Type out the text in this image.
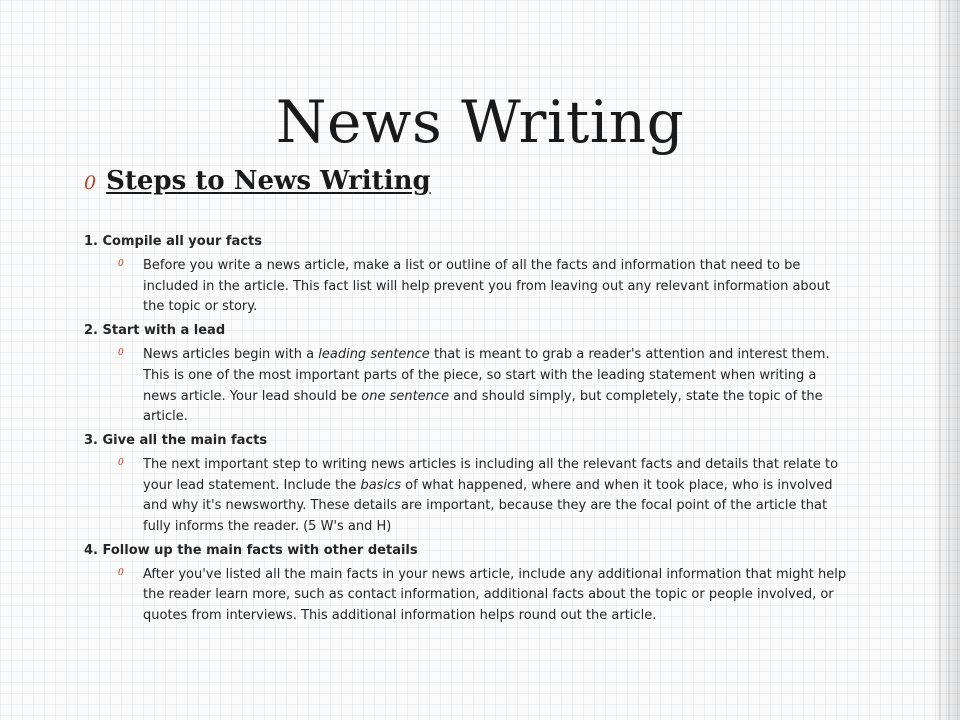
News Writing
0 Steps to News Writing
1. Compile all your facts
0	Before you write a news article, make a list or outline of all the facts and information that need to be included in the article. This fact list will help prevent you from leaving out any relevant information about the topic or story.
2. Start with a lead
0	News articles begin with a leading sentence that is meant to grab a reader's attention and interest them. This is one of the most important parts of the piece, so start with the leading statement when writing a news article. Your lead should be one sentence and should simply, but completely, state the topic of the article.
3. Give all the main facts
0	The next important step to writing news articles is including all the relevant facts and details that relate to your lead statement. Include the basics of what happened, where and when it took place, who is involved and why it's newsworthy. These details are important, because they are the focal point of the article that fully informs the reader. (5 W's and H)
4. Follow up the main facts with other details
0	After you've listed all the main facts in your news article, include any additional information that might help the reader learn more, such as contact information, additional facts about the topic or people involved, or quotes from interviews. This additional information helps round out the article.
